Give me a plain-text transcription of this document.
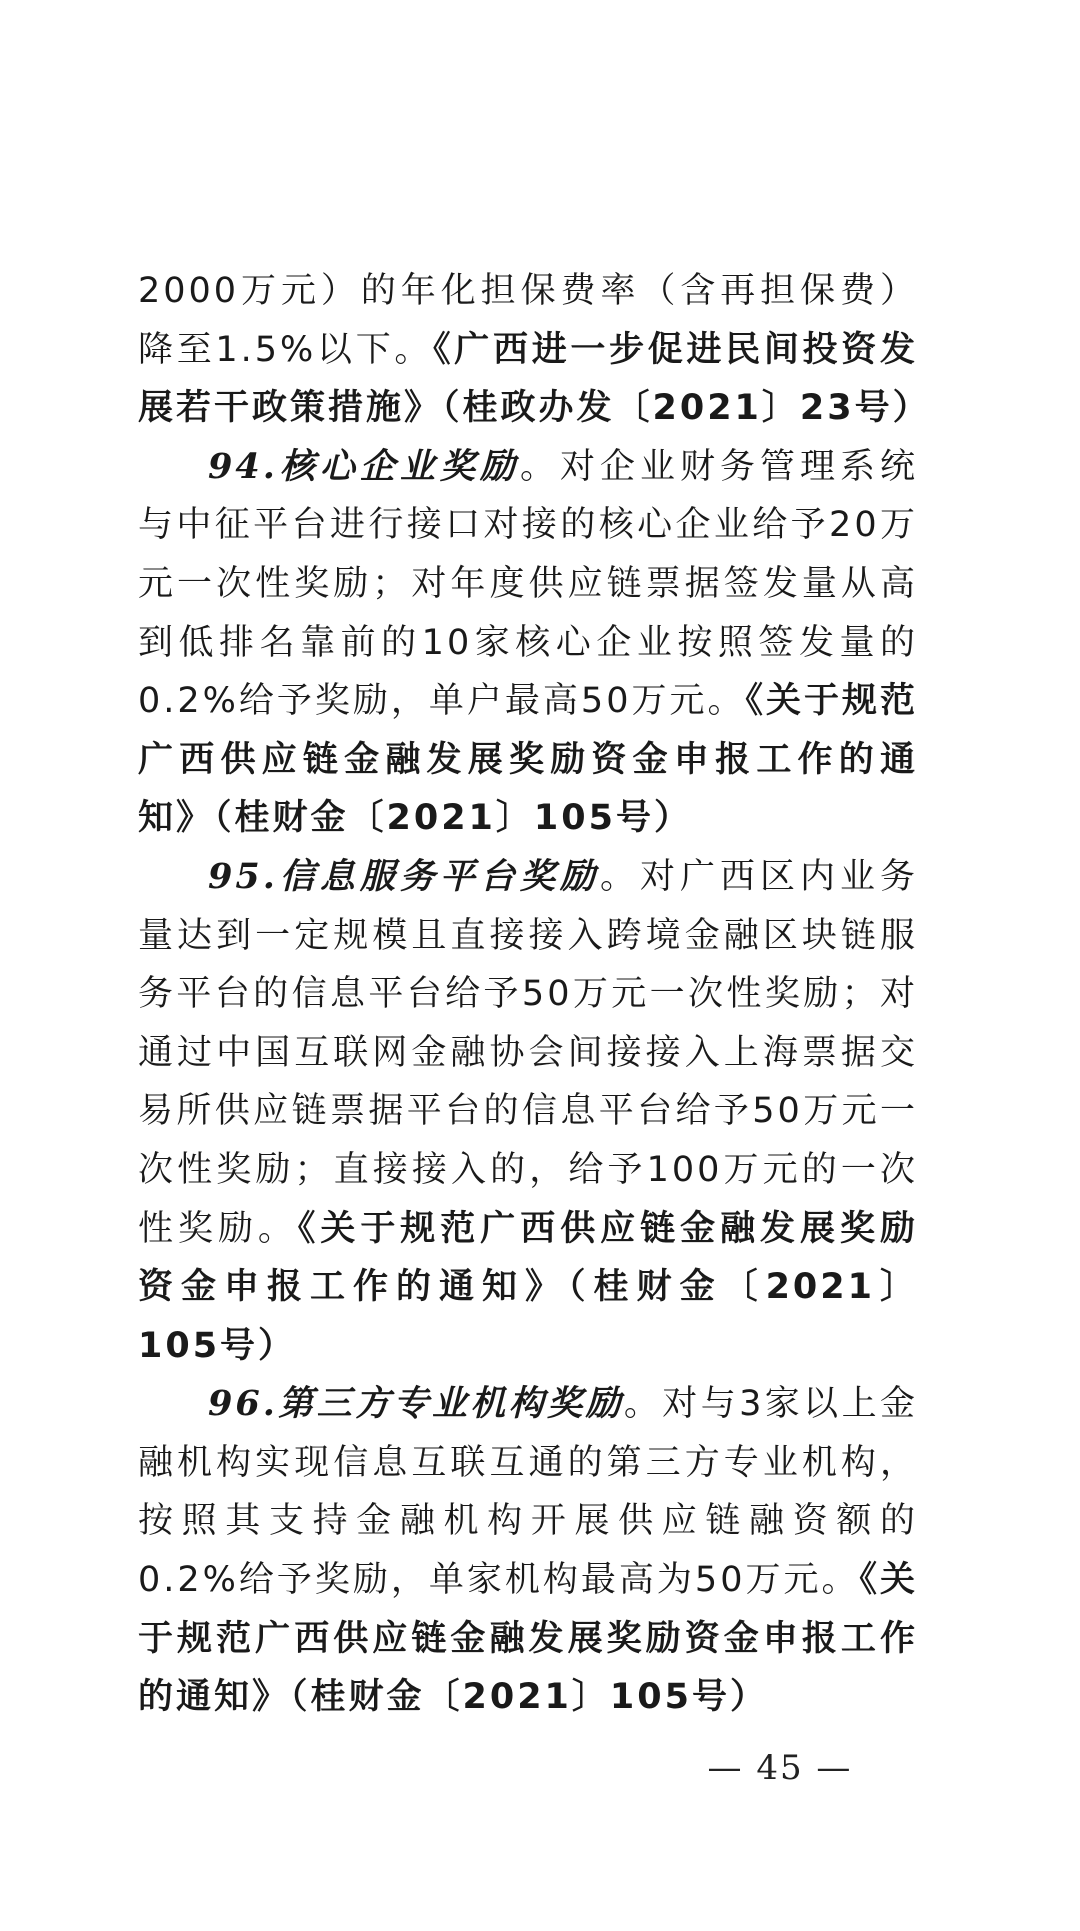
2000万元）的年化担保费率（含再担保费）降至1.5%以下。《广西进一步促进民间投资发展若干政策措施》（桂政办发〔2021〕23号）

94.核心企业奖励。对企业财务管理系统与中征平台进行接口对接的核心企业给予20万元一次性奖励；对年度供应链票据签发量从高到低排名靠前的10家核心企业按照签发量的0.2%给予奖励，单户最高50万元。《关于规范广西供应链金融发展奖励资金申报工作的通知》（桂财金〔2021〕105号）

95.信息服务平台奖励。对广西区内业务量达到一定规模且直接接入跨境金融区块链服务平台的信息平台给予50万元一次性奖励；对通过中国互联网金融协会间接接入上海票据交易所供应链票据平台的信息平台给予50万元一次性奖励；直接接入的，给予100万元的一次性奖励。《关于规范广西供应链金融发展奖励资金申报工作的通知》（桂财金〔2021〕105号）

96.第三方专业机构奖励。对与3家以上金融机构实现信息互联互通的第三方专业机构，按照其支持金融机构开展供应链融资额的0.2%给予奖励，单家机构最高为50万元。《关于规范广西供应链金融发展奖励资金申报工作的通知》（桂财金〔2021〕105号）

— 45 —
